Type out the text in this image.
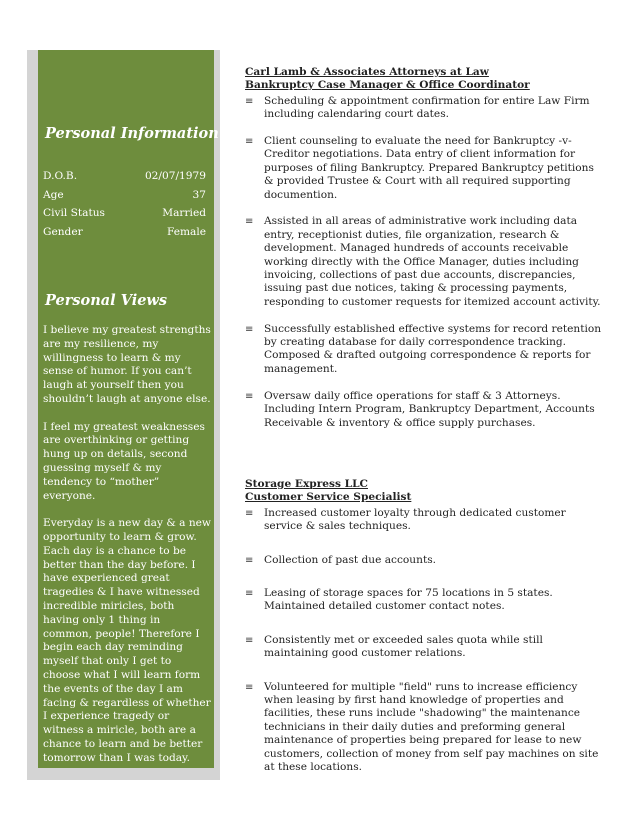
Personal Information
D.O.B.	02/07/1979
Age	37
Civil Status	Married
Gender	Female
Personal Views

I believe my greatest strengths are my resilience, my willingness to learn & my sense of humor. If you can’t laugh at yourself then you shouldn’t laugh at anyone else.

I feel my greatest weaknesses are overthinking or getting hung up on details, second guessing myself & my tendency to “mother” everyone.

Everyday is a new day & a new opportunity to learn & grow. Each day is a chance to be better than the day before. I have experienced great tragedies & I have witnessed incredible miricles, both having only 1 thing in common, people! Therefore I begin each day reminding myself that only I get to choose what I will learn form the events of the day I am facing & regardless of whether I experience tragedy or witness a miricle, both are a chance to learn and be better tomorrow than I was today.

Carl Lamb & Associates Attorneys at Law
Bankruptcy Case Manager & Office Coordinator
≡ Scheduling & appointment confirmation for entire Law Firm including calendaring court dates.
≡ Client counseling to evaluate the need for Bankruptcy -v- Creditor negotiations. Data entry of client information for purposes of filing Bankruptcy. Prepared Bankruptcy petitions & provided Trustee & Court with all required supporting documention.
≡ Assisted in all areas of administrative work including data entry, receptionist duties, file organization, research & development. Managed hundreds of accounts receivable working directly with the Office Manager, duties including invoicing, collections of past due accounts, discrepancies, issuing past due notices, taking & processing payments, responding to customer requests for itemized account activity.
≡ Successfully established effective systems for record retention by creating database for daily correspondence tracking. Composed & drafted outgoing correspondence & reports for management.
≡ Oversaw daily office operations for staff & 3 Attorneys. Including Intern Program, Bankruptcy Department, Accounts Receivable & inventory & office supply purchases.
Storage Express LLC
Customer Service Specialist
≡ Increased customer loyalty through dedicated customer service & sales techniques.
≡ Collection of past due accounts.
≡ Leasing of storage spaces for 75 locations in 5 states. Maintained detailed customer contact notes.
≡ Consistently met or exceeded sales quota while still maintaining good customer relations.
≡ Volunteered for multiple "field" runs to increase efficiency when leasing by first hand knowledge of properties and facilities, these runs include "shadowing" the maintenance technicians in their daily duties and preforming general maintenance of properties being prepared for lease to new customers, collection of money from self pay machines on site at these locations.
